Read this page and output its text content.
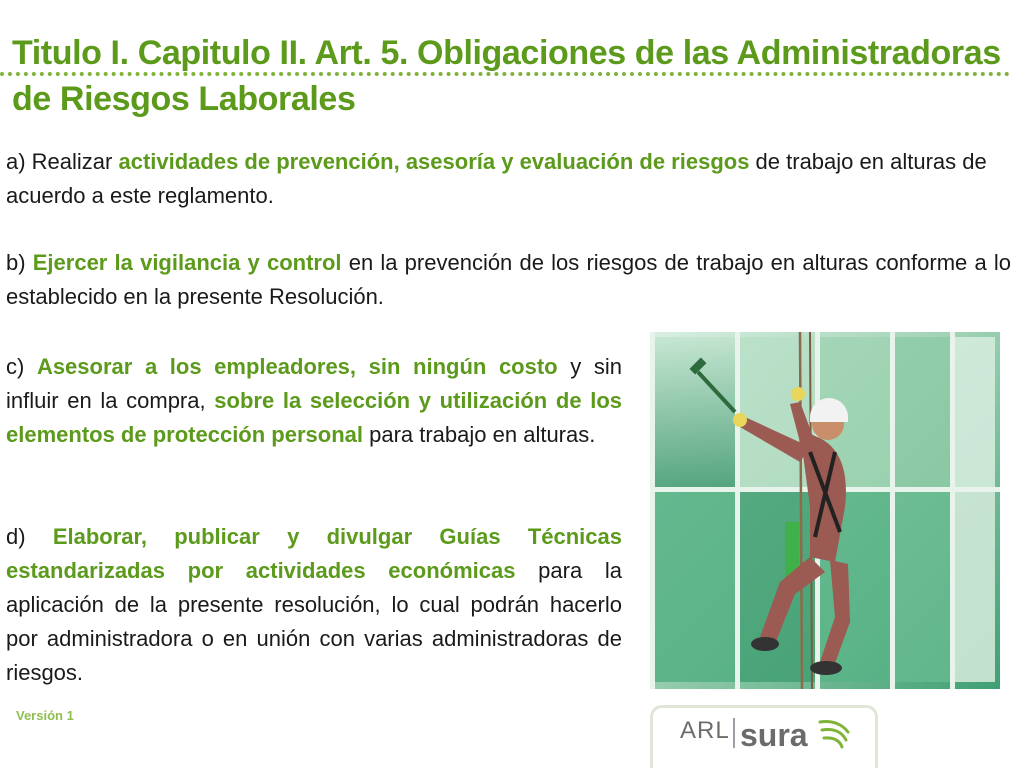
Titulo I. Capitulo II. Art. 5. Obligaciones de las Administradoras de Riesgos Laborales

a) Realizar actividades de prevención, asesoría y evaluación de riesgos de trabajo en alturas de acuerdo a este reglamento.

b) Ejercer la vigilancia y control en la prevención de los riesgos de trabajo en alturas conforme a lo establecido en la presente Resolución.

c) Asesorar a los empleadores, sin ningún costo y sin influir en la compra, sobre la selección y utilización de los elementos de protección personal para trabajo en alturas.

d) Elaborar, publicar y divulgar Guías Técnicas estandarizadas por actividades económicas para la aplicación de la presente resolución, lo cual podrán hacerlo por administradora o en unión con varias administradoras de riesgos.

Versión 1
ARL sura
